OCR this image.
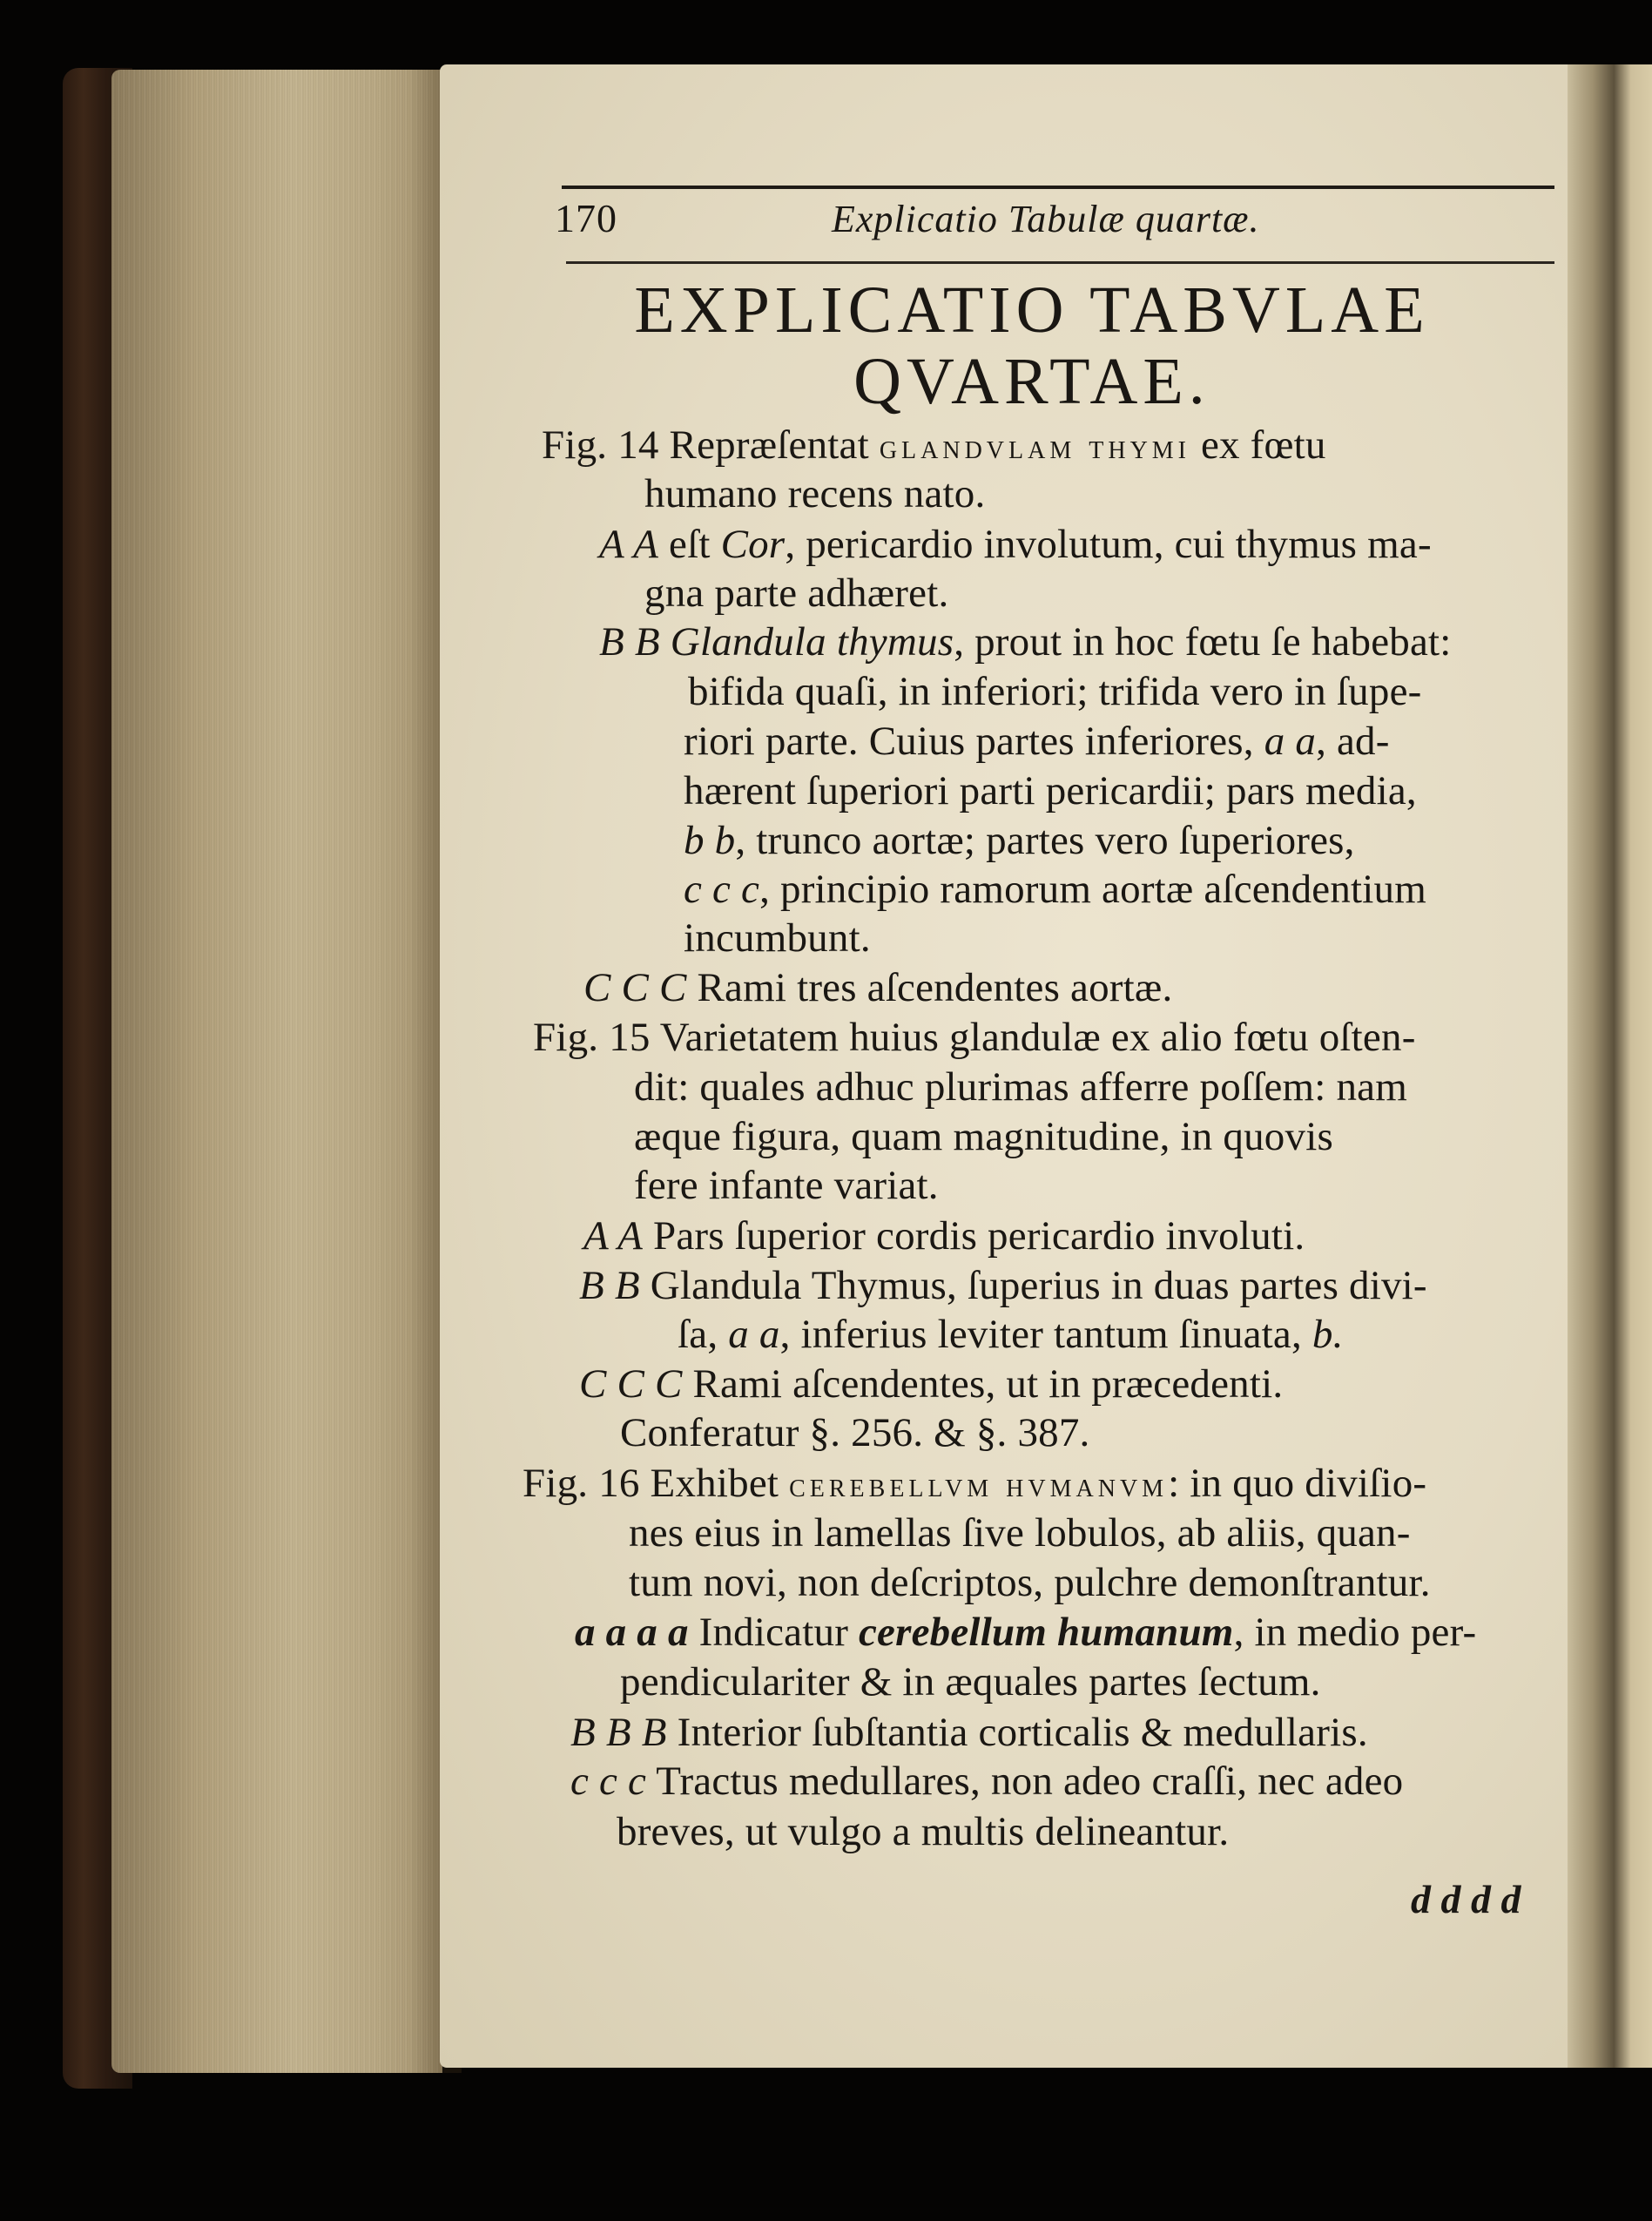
170	Explicatio Tabulæ quartæ.
EXPLICATIO TABVLAE
QVARTAE.
Fig. 14 Repræſentat glandvlam thymi ex fœtu
humano recens nato.
A A eſt Cor, pericardio involutum, cui thymus ma-
gna parte adhæret.
B B Glandula thymus, prout in hoc fœtu ſe habebat:
bifida quaſi, in inferiori; trifida vero in ſupe-
riori parte. Cuius partes inferiores, a a, ad-
hærent ſuperiori parti pericardii; pars media,
b b, trunco aortæ; partes vero ſuperiores,
c c c, principio ramorum aortæ aſcendentium
incumbunt.
C C C Rami tres aſcendentes aortæ.
Fig. 15 Varietatem huius glandulæ ex alio fœtu oſten-
dit: quales adhuc plurimas afferre poſſem: nam
æque figura, quam magnitudine, in quovis
fere infante variat.
A A Pars ſuperior cordis pericardio involuti.
B B Glandula Thymus, ſuperius in duas partes divi-
ſa, a a, inferius leviter tantum ſinuata, b.
C C C Rami aſcendentes, ut in præcedenti.
Conferatur §. 256. & §. 387.
Fig. 16 Exhibet cerebellvm hvmanvm: in quo diviſio-
nes eius in lamellas ſive lobulos, ab aliis, quan-
tum novi, non deſcriptos, pulchre demonſtrantur.
a a a a Indicatur cerebellum humanum, in medio per-
pendiculariter & in æquales partes ſectum.
B B B Interior ſubſtantia corticalis & medullaris.
c c c Tractus medullares, non adeo craſſi, nec adeo
breves, ut vulgo a multis delineantur.
d d d d
